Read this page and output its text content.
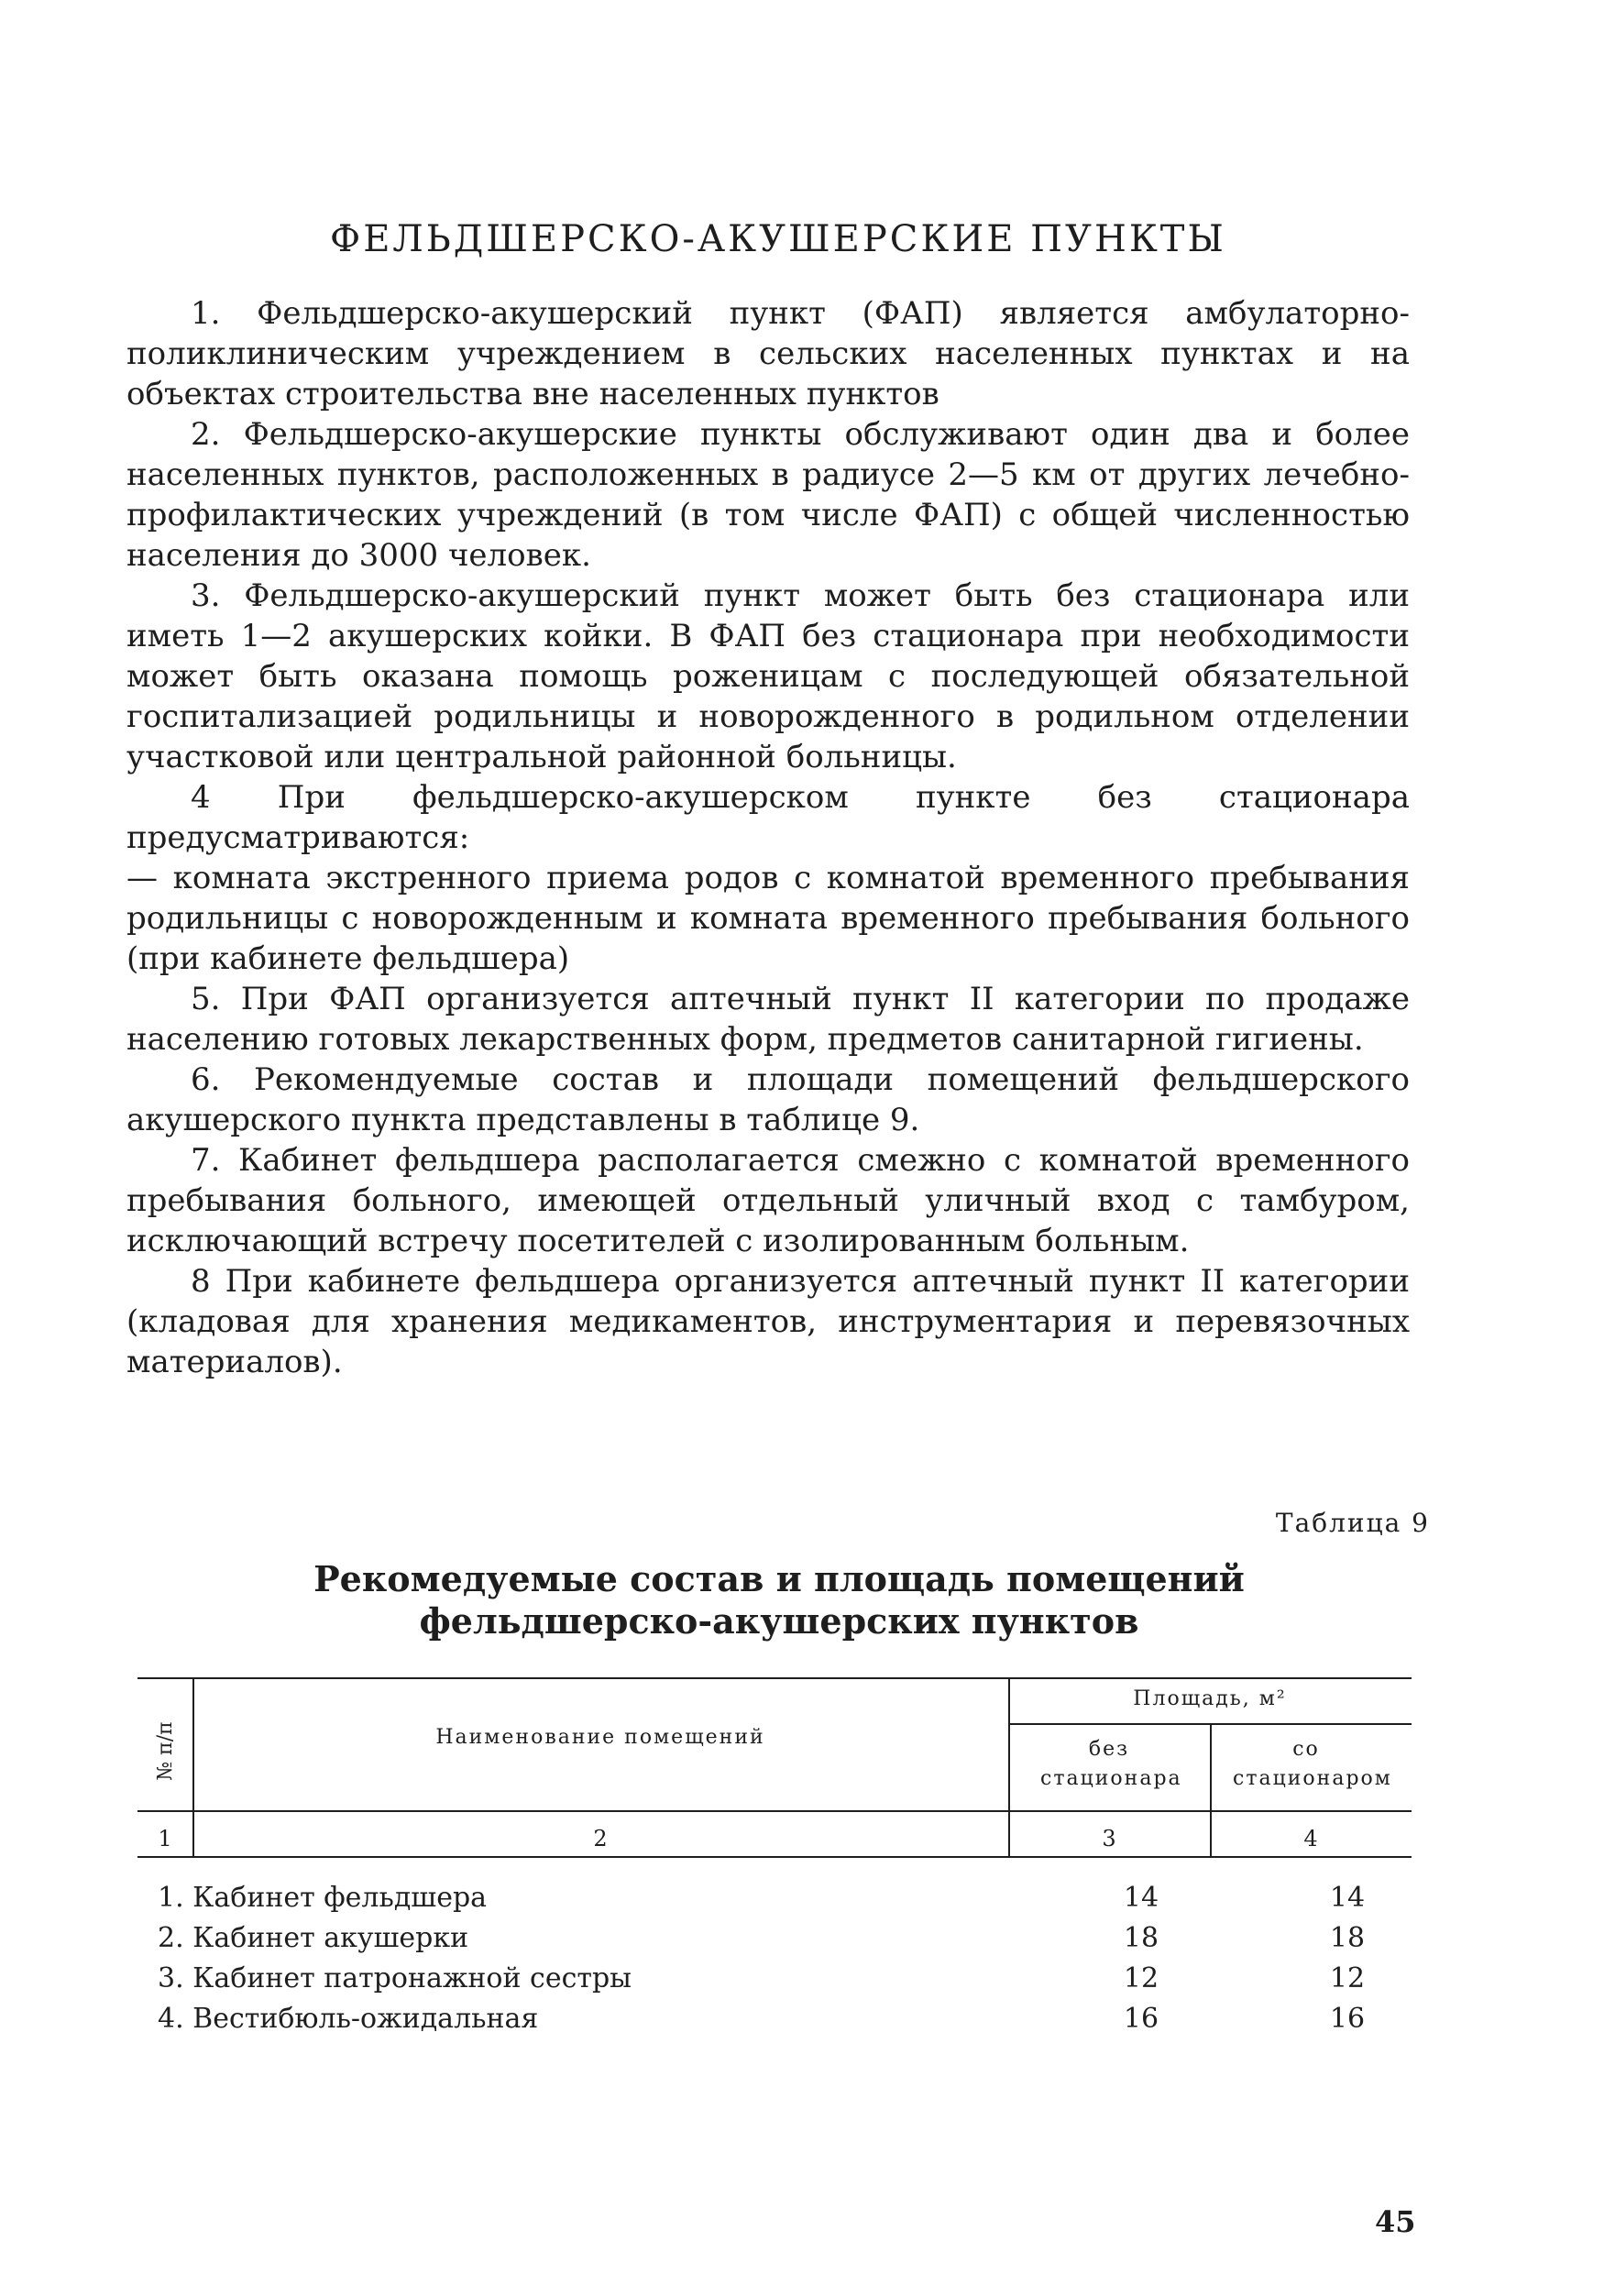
ФЕЛЬДШЕРСКО-АКУШЕРСКИЕ ПУНКТЫ

1. Фельдшерско-акушерский пункт (ФАП) является амбулаторно-поликлиническим учреждением в сельских населенных пунктах и на объектах строительства вне населенных пунктов

2. Фельдшерско-акушерские пункты обслуживают один два и более населенных пунктов, расположенных в радиусе 2—5 км от других лечебно-профилактических учреждений (в том числе ФАП) с общей численностью населения до 3000 человек.

3. Фельдшерско-акушерский пункт может быть без стационара или иметь 1—2 акушерских койки. В ФАП без стационара при необходимости может быть оказана помощь роженицам с последующей обязательной госпитализацией родильницы и новорожденного в родильном отделении участковой или центральной районной больницы.

4 При фельдшерско-акушерском пункте без стационара предусматриваются:

— комната экстренного приема родов с комнатой временного пребывания родильницы с новорожденным и комната временного пребывания больного (при кабинете фельдшера)

5. При ФАП организуется аптечный пункт II категории по продаже населению готовых лекарственных форм, предметов санитарной гигиены.

6. Рекомендуемые состав и площади помещений фельдшерского акушерского пункта представлены в таблице 9.

7. Кабинет фельдшера располагается смежно с комнатой временного пребывания больного, имеющей отдельный уличный вход с тамбуром, исключающий встречу посетителей с изолированным больным.

8 При кабинете фельдшера организуется аптечный пункт II категории (кладовая для хранения медикаментов, инструментария и перевязочных материалов).

Таблица 9
Рекомедуемые состав и площадь помещений
фельдшерско-акушерских пунктов
№ п/п	Наименование помещений
Площадь, м²
без стационара
со стационаром
1	2	3	4
1. Кабинет фельдшера	14	14
2. Кабинет акушерки	18	18
3. Кабинет патронажной сестры	12	12
4. Вестибюль-ожидальная	16	16
45
